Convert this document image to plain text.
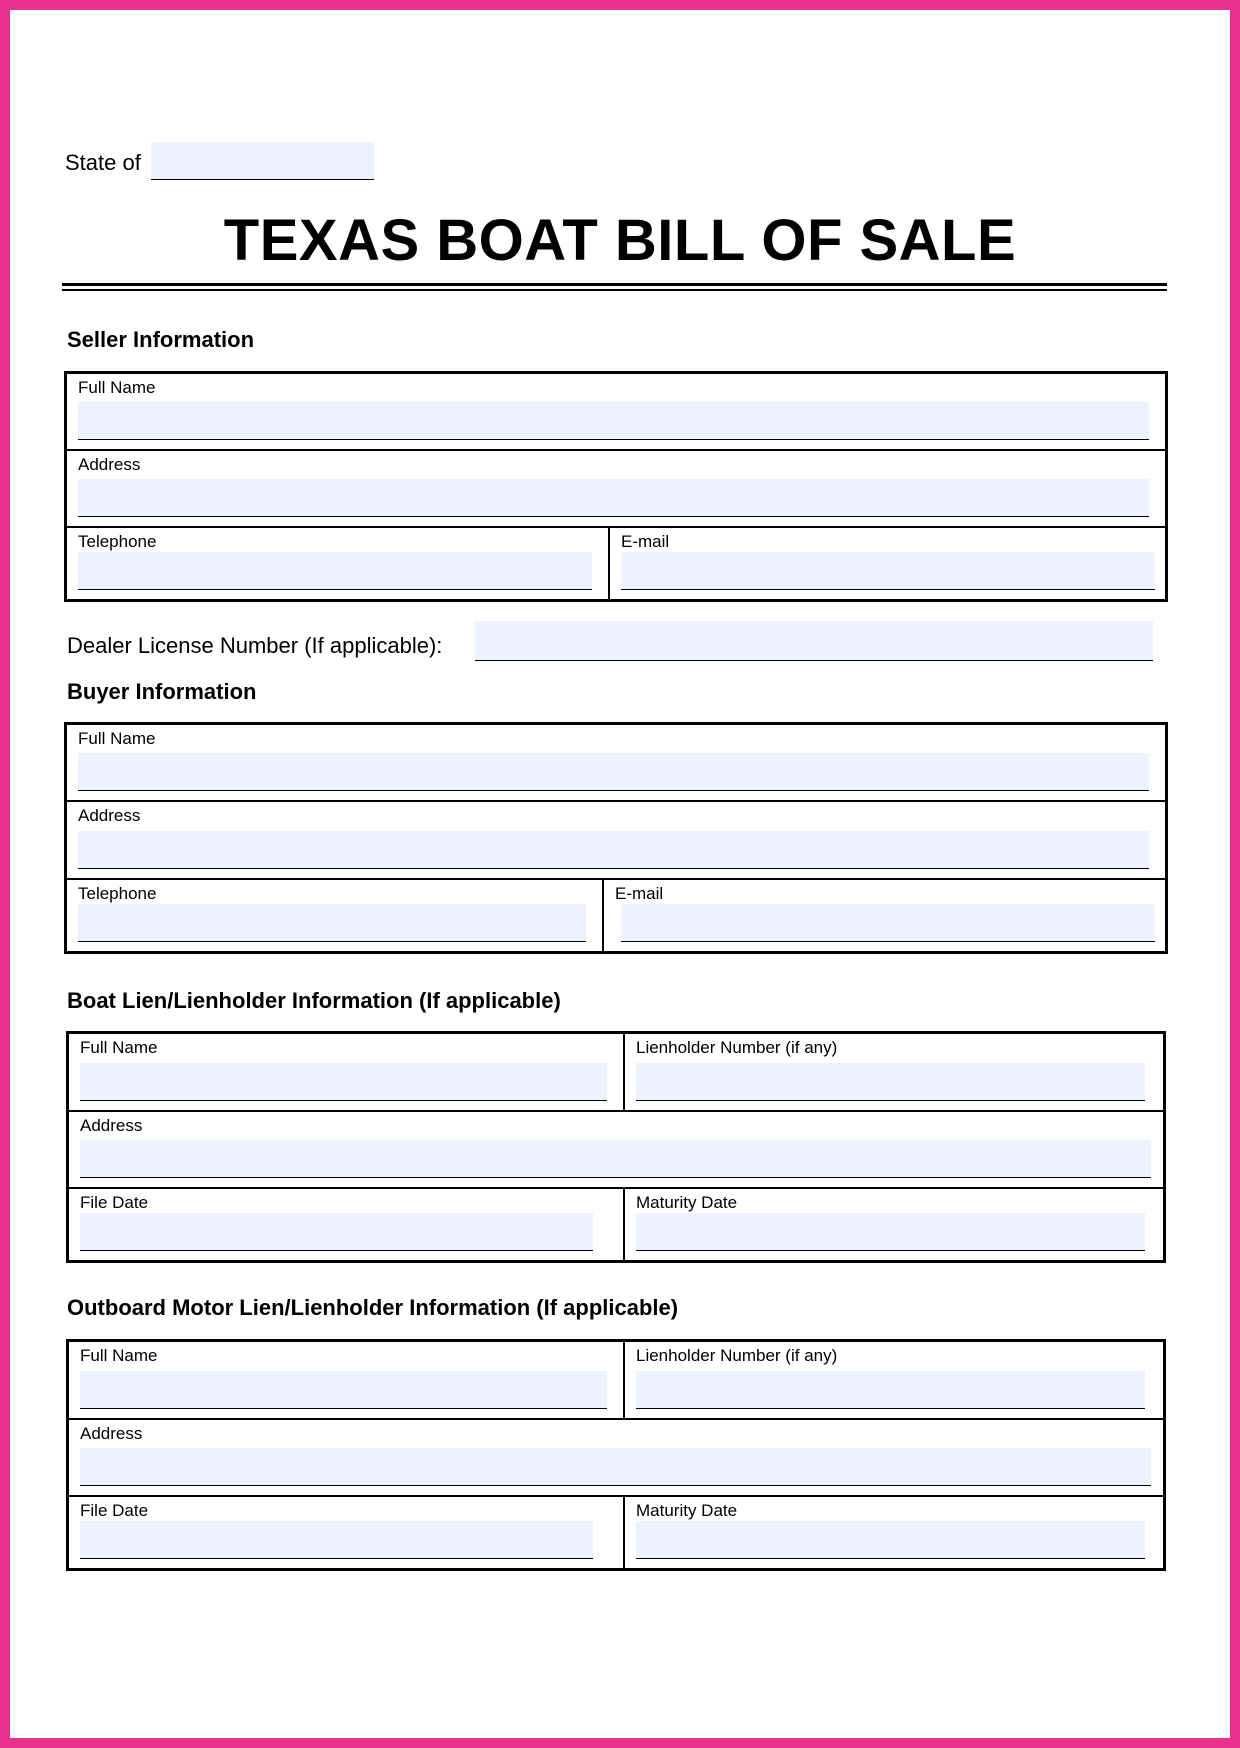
State of
TEXAS BOAT BILL OF SALE
Seller Information
Full Name
Address
Telephone	E-mail
Dealer License Number (If applicable):
Buyer Information
Full Name
Address
Telephone	E-mail
Boat Lien/Lienholder Information (If applicable)
Full Name	Lienholder Number (if any)
Address
File Date	Maturity Date
Outboard Motor Lien/Lienholder Information (If applicable)
Full Name	Lienholder Number (if any)
Address
File Date	Maturity Date
